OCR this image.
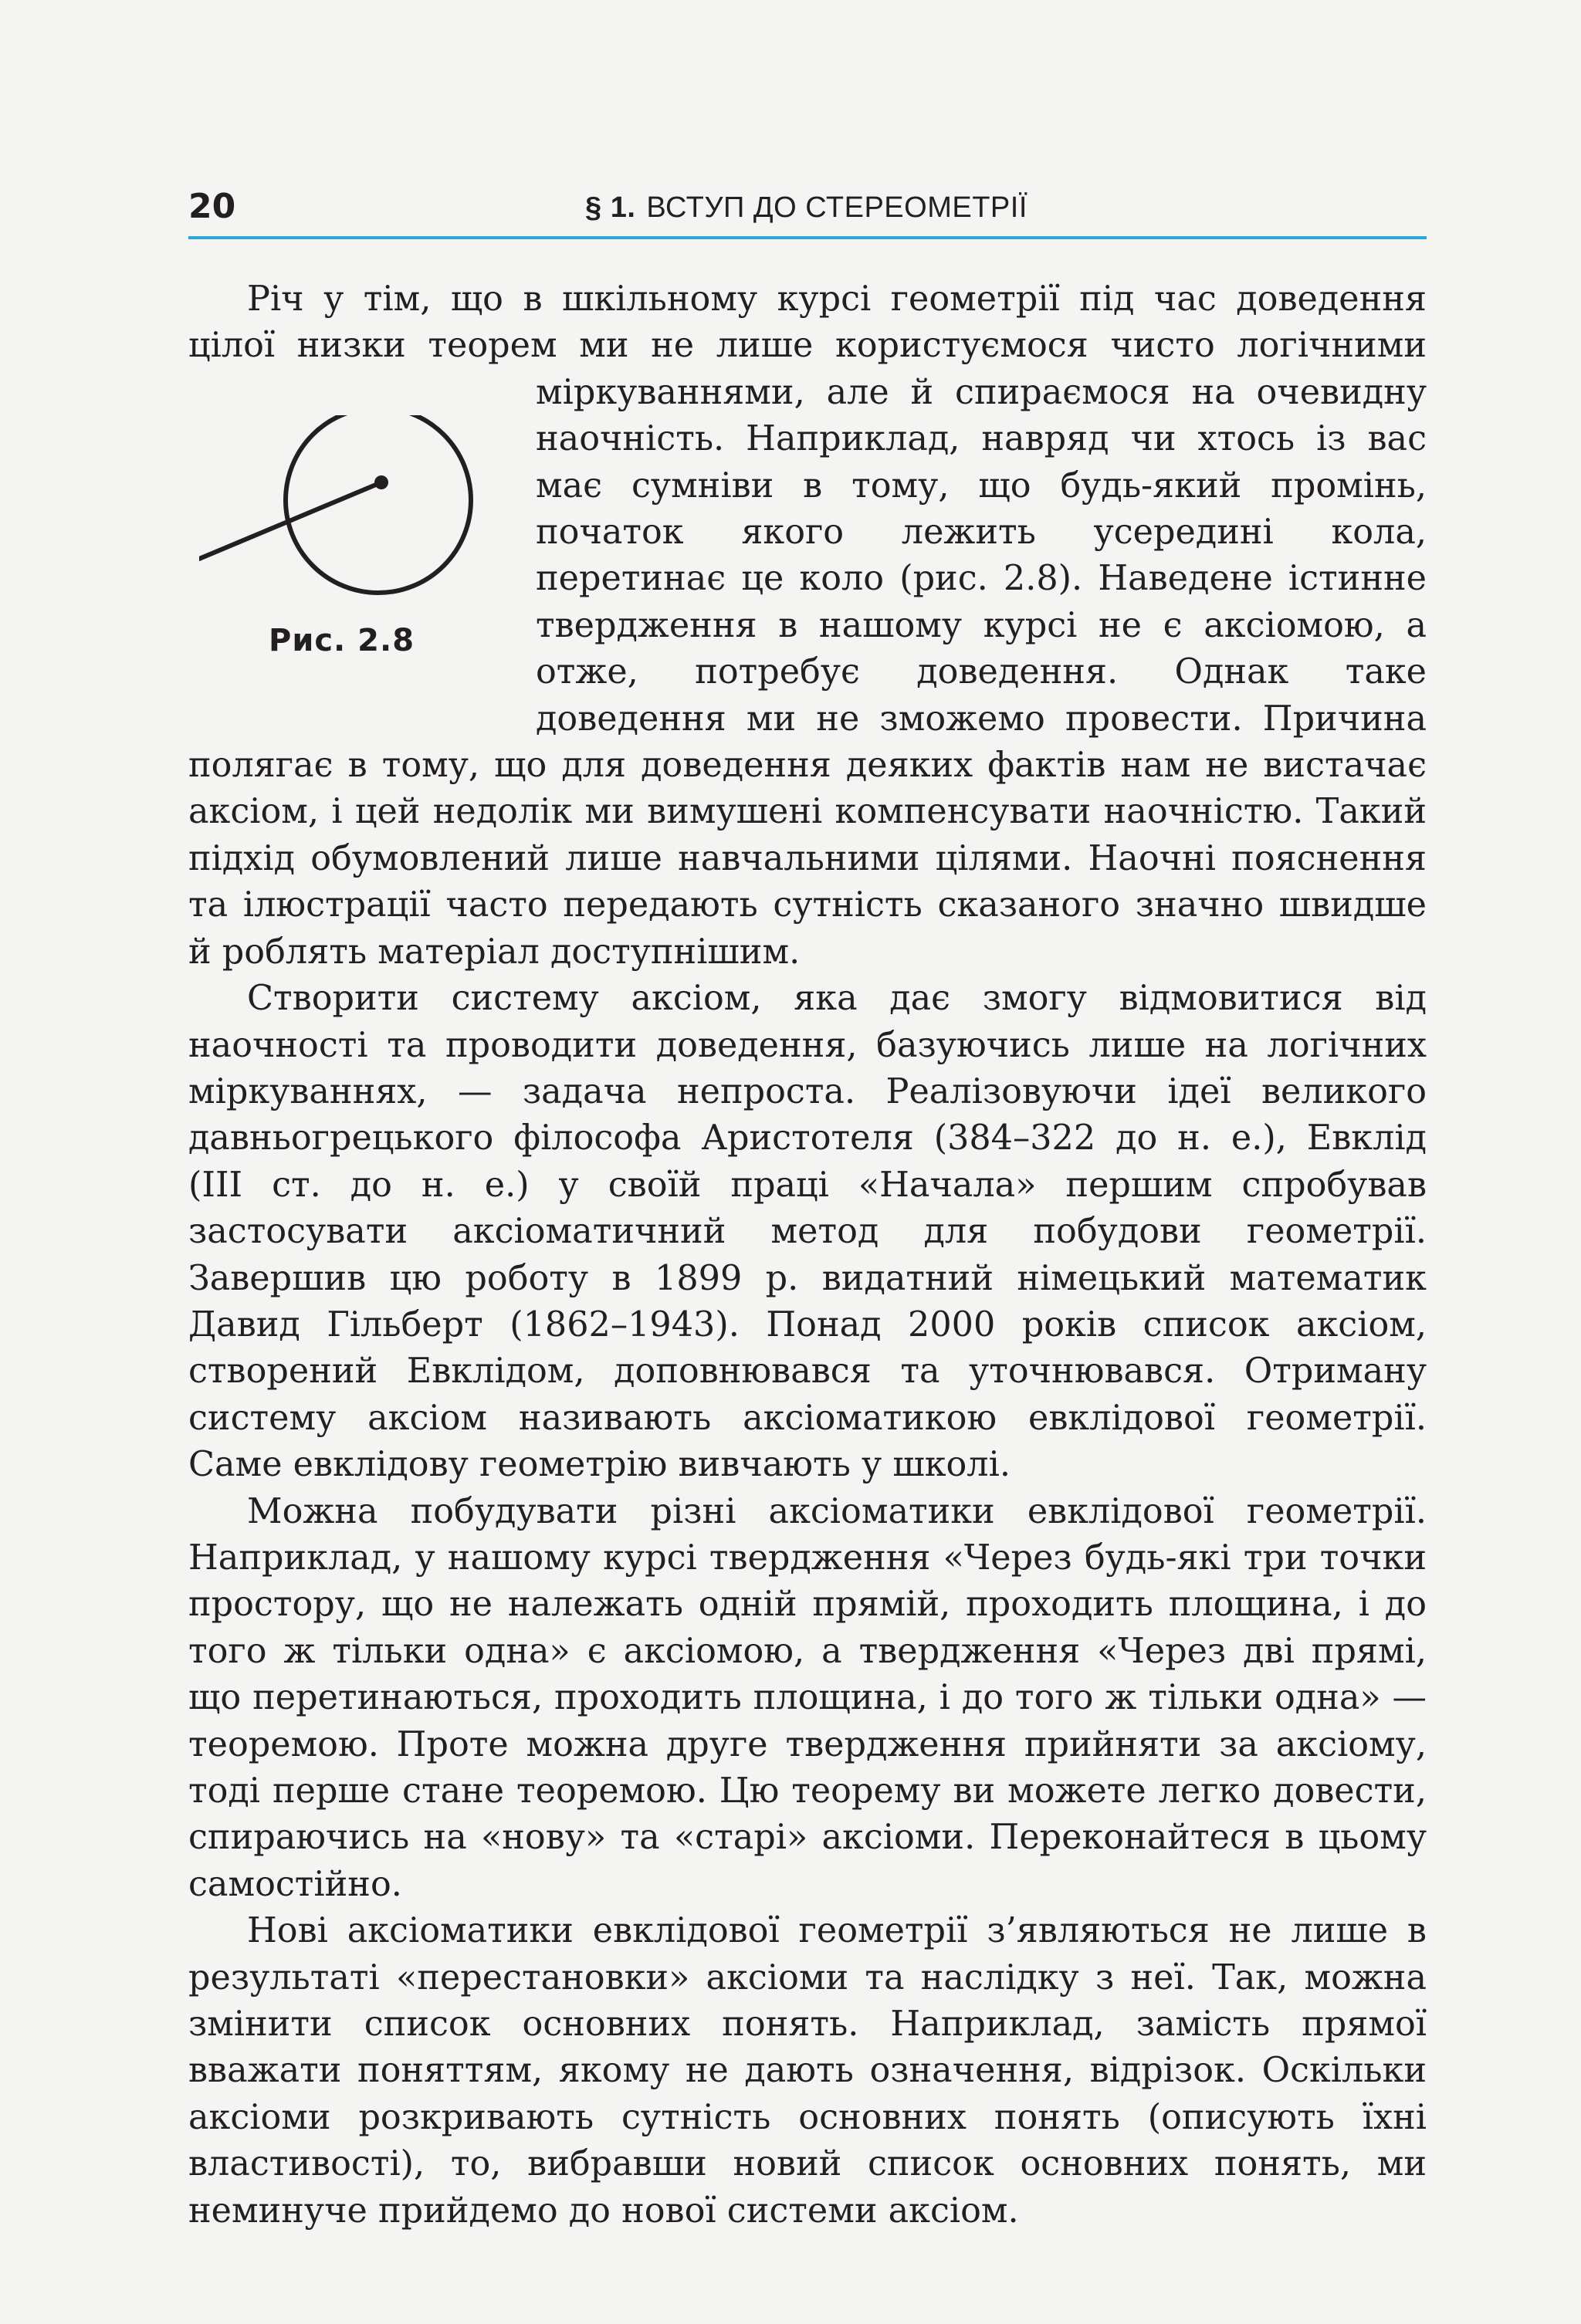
20	§ 1. ВСТУП ДО СТЕРЕОМЕТРІЇ
Рис. 2.8

Річ у тім, що в шкільному курсі геометрії під час доведення цілої низки теорем ми не лише користуємося чисто логічними міркуваннями, але й спираємося на очевидну наочність. Наприклад, навряд чи хтось із вас має сумніви в тому, що будь-який промінь, початок якого лежить усередині кола, перетинає це коло (рис. 2.8). Наведене істинне твердження в нашому курсі не є аксіомою, а отже, потребує доведення. Однак таке доведення ми не зможемо провести. Причина полягає в тому, що для доведення деяких фактів нам не вистачає аксіом, і цей недолік ми вимушені компенсувати наочністю. Такий підхід обумовлений лише навчальними цілями. Наочні пояснення та ілюстрації часто передають сутність сказаного значно швидше й роблять матеріал доступнішим.

Створити систему аксіом, яка дає змогу відмовитися від наочності та проводити доведення, базуючись лише на логічних міркуваннях, — задача непроста. Реалізовуючи ідеї великого давньогрецького філософа Аристотеля (384–322 до н. е.), Евклід (III ст. до н. е.) у своїй праці «Начала» першим спробував застосувати аксіоматичний метод для побудови геометрії. Завершив цю роботу в 1899 р. видатний німецький математик Давид Гільберт (1862–1943). Понад 2000 років список аксіом, створений Евклідом, доповнювався та уточнювався. Отриману систему аксіом називають аксіоматикою евклідової геометрії. Саме евклідову геометрію вивчають у школі.

Можна побудувати різні аксіоматики евклідової геометрії. Наприклад, у нашому курсі твердження «Через будь-які три точки простору, що не належать одній прямій, проходить площина, і до того ж тільки одна» є аксіомою, а твердження «Через дві прямі, що перетинаються, проходить площина, і до того ж тільки одна» — теоремою. Проте можна друге твердження прийняти за аксіому, тоді перше стане теоремою. Цю теорему ви можете легко довести, спираючись на «нову» та «старі» аксіоми. Переконайтеся в цьому самостійно.

Нові аксіоматики евклідової геометрії з’являються не лише в результаті «перестановки» аксіоми та наслідку з неї. Так, можна змінити список основних понять. Наприклад, замість прямої вважати поняттям, якому не дають означення, відрізок. Оскільки аксіоми розкривають сутність основних понять (описують їхні властивості), то, вибравши новий список основних понять, ми неминуче прийдемо до нової системи аксіом.
